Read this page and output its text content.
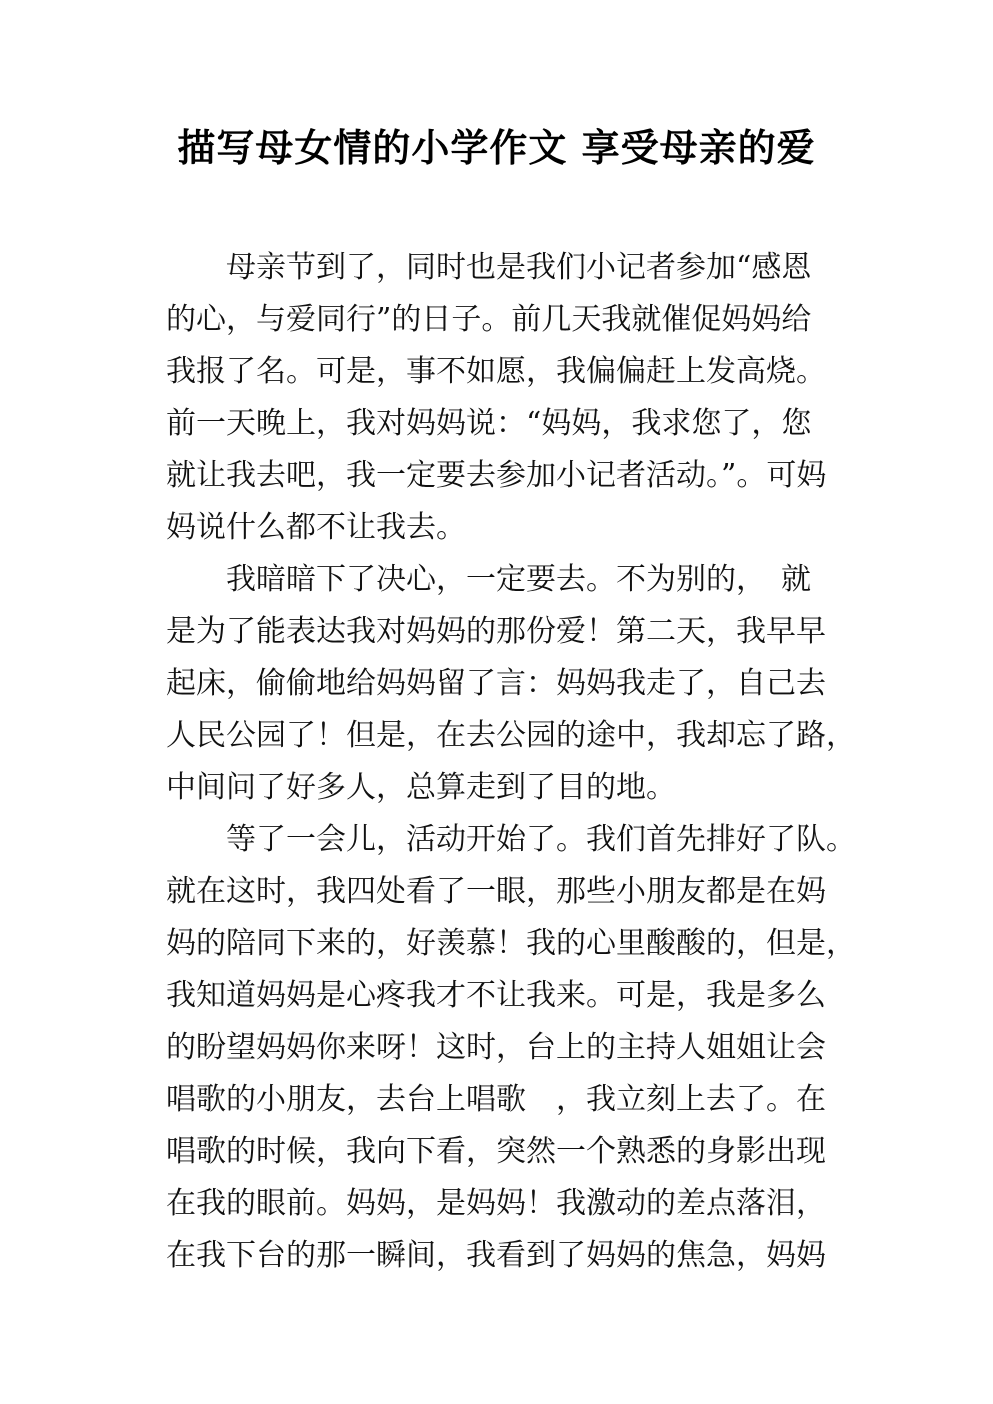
描写母女情的小学作文 享受母亲的爱
母亲节到了，同时也是我们小记者参加“感恩
的心，与爱同行”的日子。前几天我就催促妈妈给
我报了名。可是，事不如愿，我偏偏赶上发高烧。
前一天晚上，我对妈妈说：“妈妈，我求您了，您
就让我去吧，我一定要去参加小记者活动。”。可妈
妈说什么都不让我去。
我暗暗下了决心，一定要去。不为别的，　就
是为了能表达我对妈妈的那份爱！第二天，我早早
起床，偷偷地给妈妈留了言：妈妈我走了，自己去
人民公园了！但是，在去公园的途中，我却忘了路，
中间问了好多人，总算走到了目的地。
等了一会儿，活动开始了。我们首先排好了队。
就在这时，我四处看了一眼，那些小朋友都是在妈
妈的陪同下来的，好羡慕！我的心里酸酸的，但是，
我知道妈妈是心疼我才不让我来。可是，我是多么
的盼望妈妈你来呀！这时，台上的主持人姐姐让会
唱歌的小朋友，去台上唱歌　，我立刻上去了。在
唱歌的时候，我向下看，突然一个熟悉的身影出现
在我的眼前。妈妈，是妈妈！我激动的差点落泪，
在我下台的那一瞬间，我看到了妈妈的焦急，妈妈
